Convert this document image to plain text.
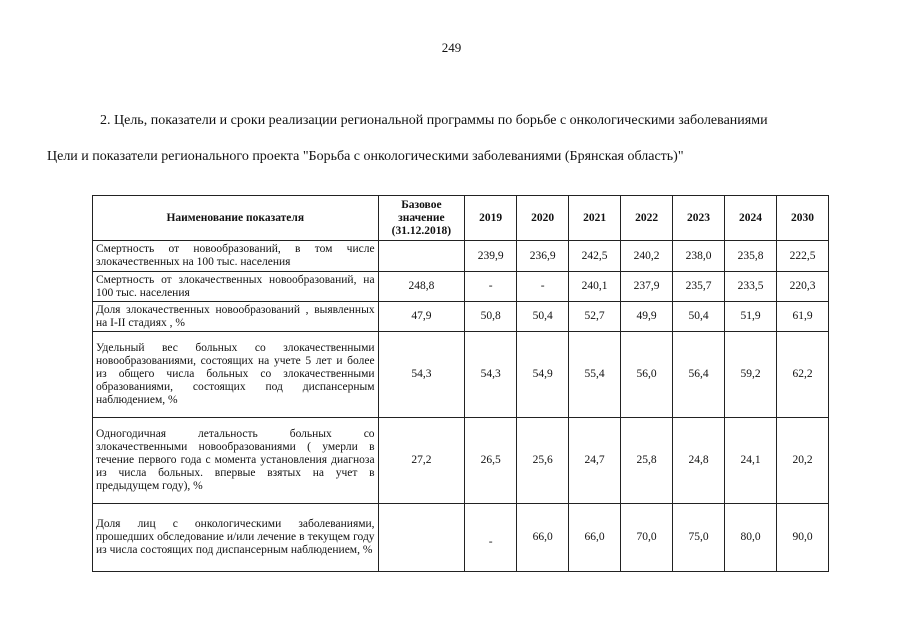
249
2. Цель, показатели и сроки реализации региональной программы по борьбе с онкологическими заболеваниями
Цели и показатели регионального проекта "Борьба с онкологическими заболеваниями (Брянская область)"
Наименование показателя	Базовое значение (31.12.2018)	2019	2020	2021	2022	2023	2024	2030
Смертность от новообразований, в том числе злокачественных на 100 тыс. населения		239,9	236,9	242,5	240,2	238,0	235,8	222,5
Смертность от злокачественных новообразований, на 100 тыс. населения	248,8	-	-	240,1	237,9	235,7	233,5	220,3
Доля злокачественных новообразований , выявленных на I-II стадиях , %	47,9	50,8	50,4	52,7	49,9	50,4	51,9	61,9
Удельный вес больных со злокачественными новообразованиями, состоящих на учете 5 лет и более из общего числа больных со злокачественными образованиями, состоящих под диспансерным наблюдением, %	54,3	54,3	54,9	55,4	56,0	56,4	59,2	62,2
Одногодичная летальность больных со злокачественными новообразованиями ( умерли в течение первого года с момента установления диагноза из числа больных. впервые взятых на учет в предыдущем году), %	27,2	26,5	25,6	24,7	25,8	24,8	24,1	20,2
Доля лиц с онкологическими заболеваниями, прошедших обследование и/или лечение в текущем году из числа состоящих под диспансерным наблюдением, %		-	66,0	66,0	70,0	75,0	80,0	90,0
